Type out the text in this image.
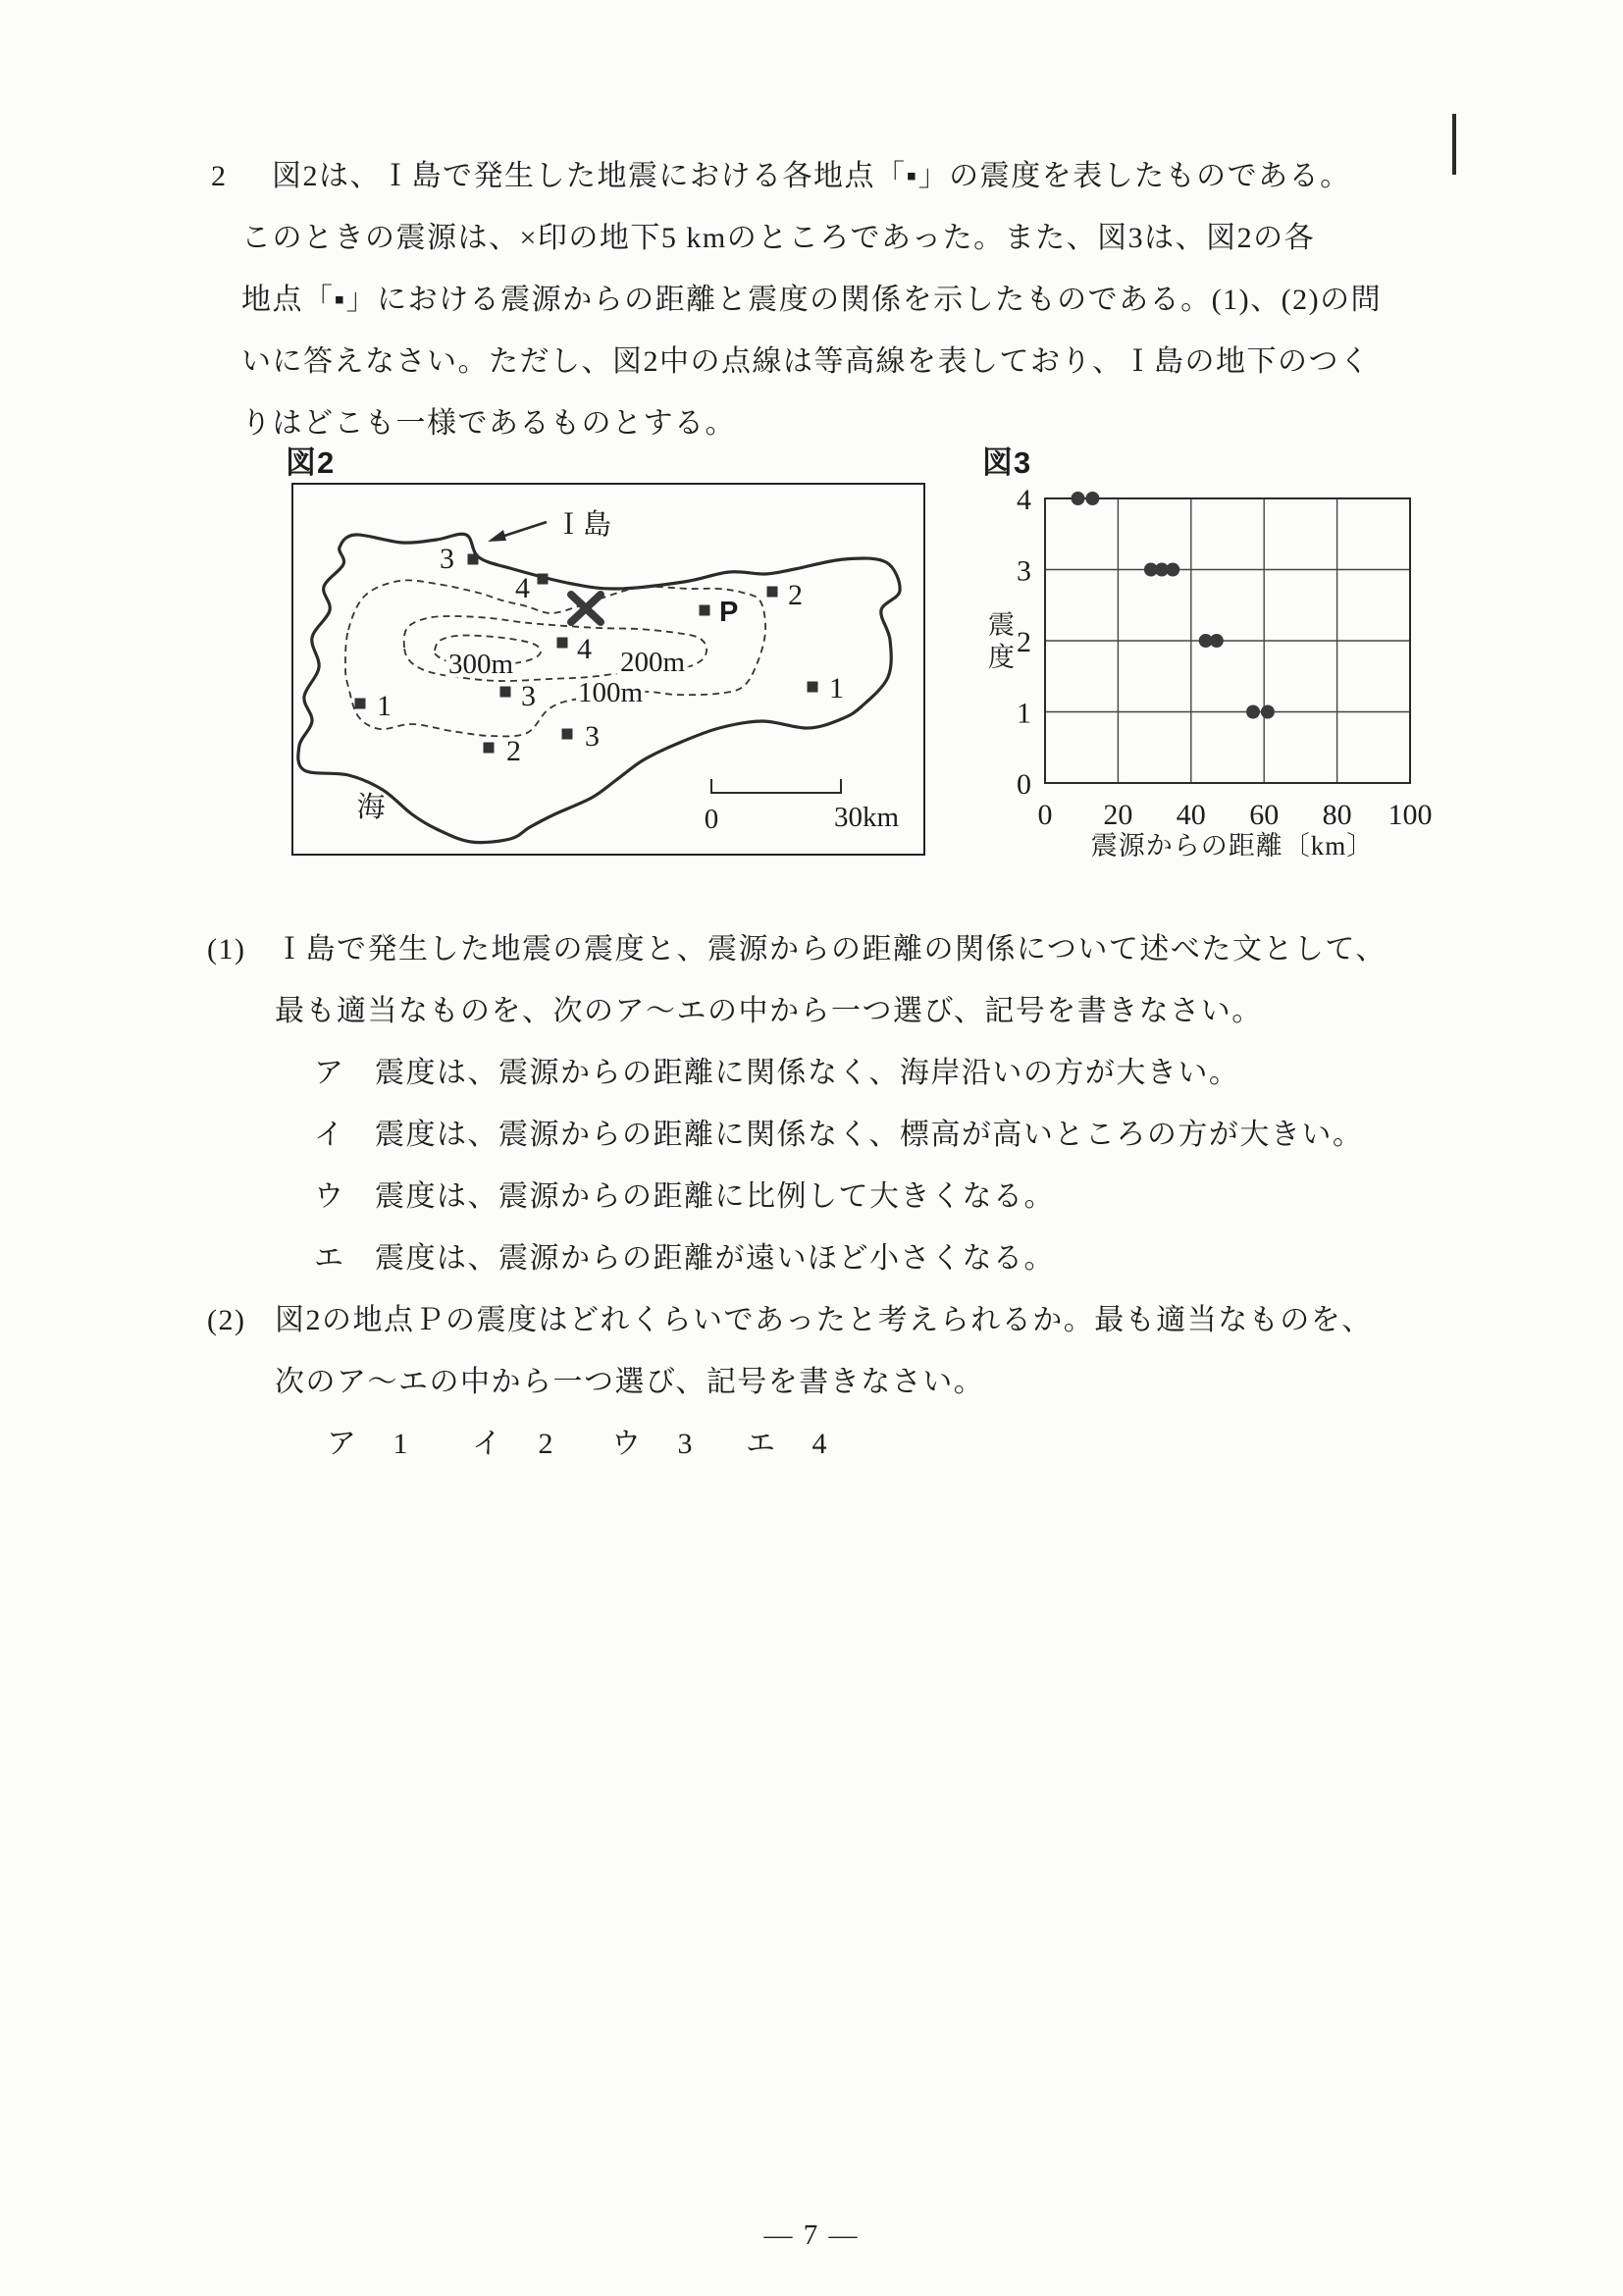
2 図2は、Ｉ島で発生した地震における各地点「▪」の震度を表したものである。
このときの震源は、×印の地下5 kmのところであった。また、図3は、図2の各
地点「▪」における震源からの距離と震度の関係を示したものである。(1)、(2)の問
いに答えなさい。ただし、図2中の点線は等高線を表しており、Ｉ島の地下のつく
りはどこも一様であるものとする。
図2
300m	200m
100m
3
4	2
P
4
3
1
1
3
2
Ｉ島
海	0	30km
図3
4
3
2
1
0
0 20 40 60 80 100
震度
震源からの距離〔km〕
(1) Ｉ島で発生した地震の震度と、震源からの距離の関係について述べた文として、
最も適当なものを、次のア～エの中から一つ選び、記号を書きなさい。
ア 震度は、震源からの距離に関係なく、海岸沿いの方が大きい。
イ 震度は、震源からの距離に関係なく、標高が高いところの方が大きい。
ウ 震度は、震源からの距離に比例して大きくなる。
エ 震度は、震源からの距離が遠いほど小さくなる。
(2) 図2の地点Ｐの震度はどれくらいであったと考えられるか。最も適当なものを、
次のア～エの中から一つ選び、記号を書きなさい。
ア 1 イ 2 ウ 3 エ 4
— 7 —
